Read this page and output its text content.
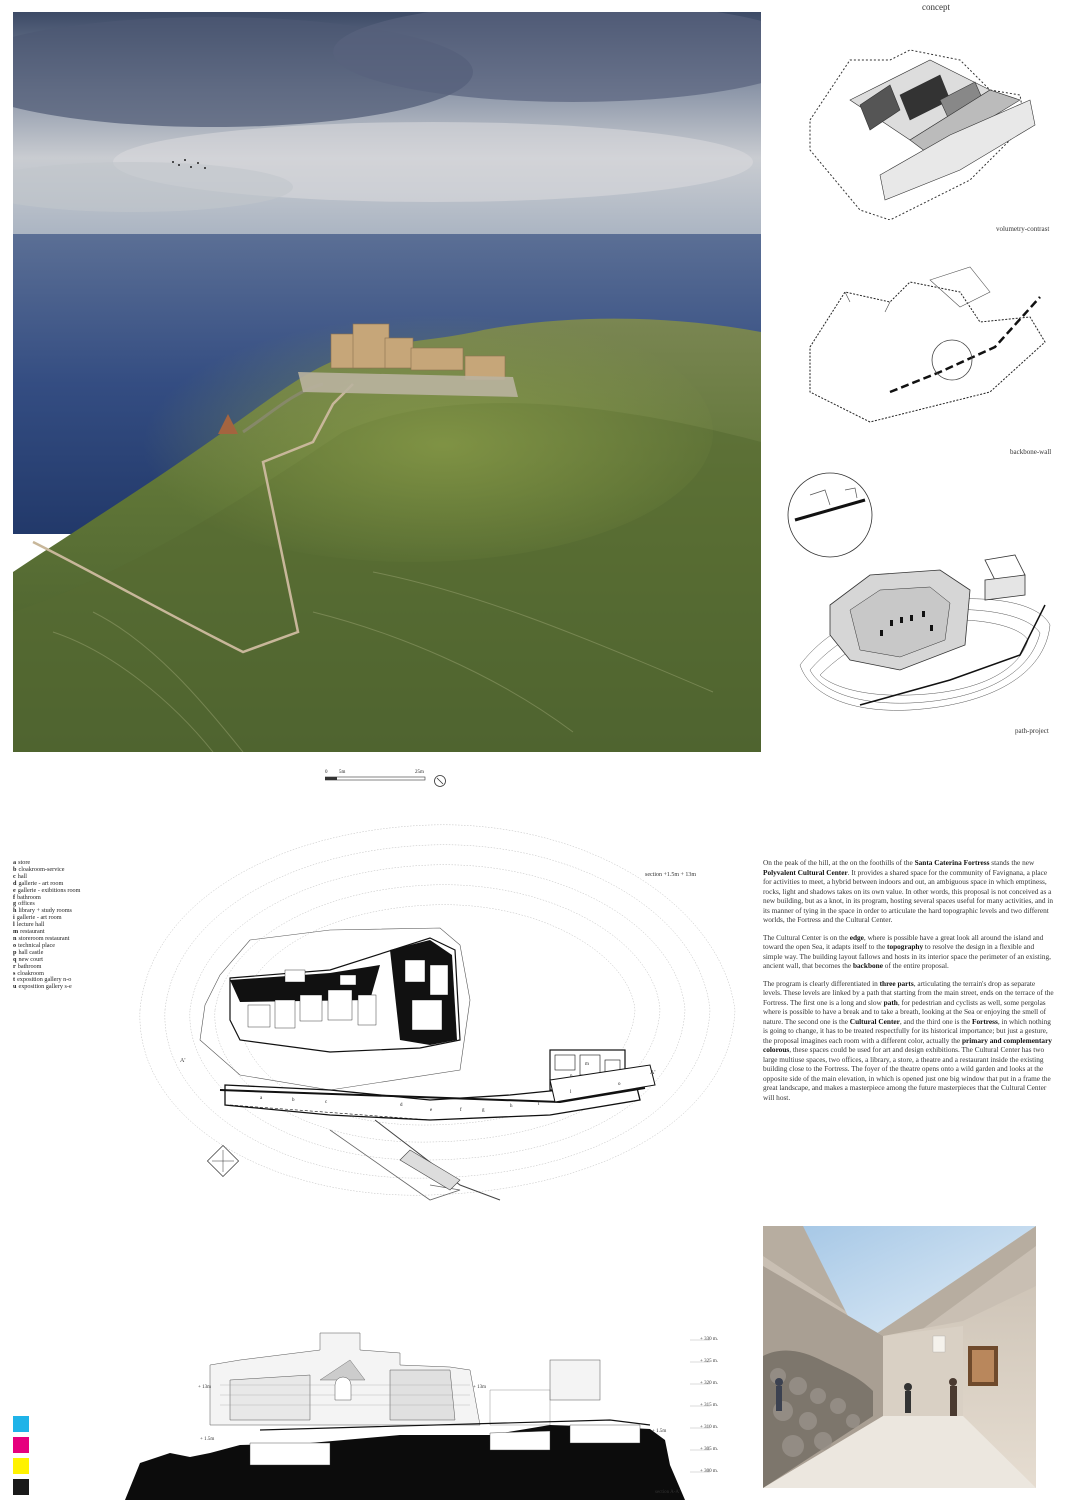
concept
volumetry-contrast
backbone-wall
path-project
0 5m	25m
a store
b cloakroom-service
c hall
d gallerie - art room
e gallerie - exibitions room
f bathroom
g offices
h library + study rooms
i gallerie - art room
l lecture hall
m restaurant
n storeroom restaurant
o technical place
p hall castle
q new court
r bathroom
s cloakroom
t exposition gallery n-o
u exposition gallery s-e
section +1.5m + 13m
A'
A'
a	b	c
d
e	f	g
h	i
l
m
n
o

On the peak of the hill, at the on the foothills of the Santa Caterina Fortress stands the new Polyvalent Cultural Center. It provides a shared space for the community of Favignana, a place for activities to meet, a hybrid between indoors and out, an ambiguous space in which emptiness, rocks, light and shadows takes on its own value. In other words, this proposal is not conceived as a new building, but as a knot, in its program, hosting several spaces useful for many activities, and in its manner of tying in the space in order to articulate the hard topographic levels and two different worlds, the Fortress and the Cultural Center.

The Cultural Center is on the edge, where is possible have a great look all around the island and toward the open Sea, it adapts itself to the topography to resolve the design in a flexible and simple way. The building layout fallows and hosts in its interior space the perimeter of an existing, ancient wall, that becomes the backbone of the entire proposal.

The program is clearly differentiated in three parts, articulating the terrain's drop as separate levels. These levels are linked by a path that starting from the main street, ends on the terrace of the Fortress. The first one is a long and slow path, for pedestrian and cyclists as well, some pergolas where is possible to have a break and to take a breath, looking at the Sea or enjoying the smell of nature. The second one is the Cultural Center, and the third one is the Fortress, in which nothing is going to change, it has to be treated respectfully for its historical importance; but just a gesture, the proposal imagines each room with a different color, actually the primary and complementary colorous, these spaces could be used for art and design exhibitions. The Cultural Center has two large multiuse spaces, two offices, a library, a store, a theatre and a restaurant inside the existing building close to the Fortress. The foyer of the theatre opens onto a wild garden and looks at the opposite side of the main elevation, in which is opened just one big window that put in a frame the great landscape, and makes a masterpiece among the future masterpieces that the Cultural Center will host.

+ 330 m.
+ 325 m.
+ 320 m.
+ 315 m.
+ 310 m.
+ 305 m.
+ 300 m.
+ 13m	+ 13m
+ 1.5m
+ 1.5m
section A-A'
